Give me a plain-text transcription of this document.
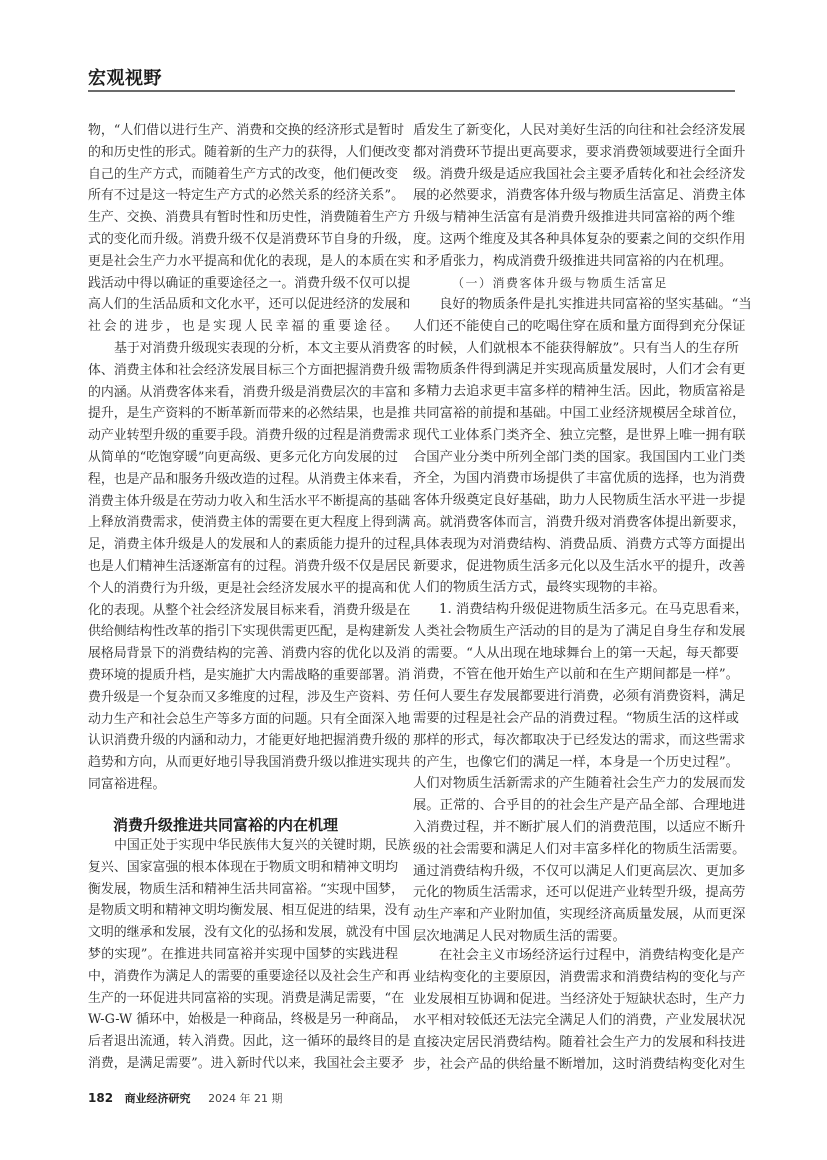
宏观视野
物，“人们借以进行生产、消费和交换的经济形式是暂时
的和历史性的形式。随着新的生产力的获得，人们便改变
自己的生产方式，而随着生产方式的改变，他们便改变
所有不过是这一特定生产方式的必然关系的经济关系”。
生产、交换、消费具有暂时性和历史性，消费随着生产方
式的变化而升级。消费升级不仅是消费环节自身的升级，
更是社会生产力水平提高和优化的表现，是人的本质在实
践活动中得以确证的重要途径之一。消费升级不仅可以提
高人们的生活品质和文化水平，还可以促进经济的发展和
社会的进步，也是实现人民幸福的重要途径。
基于对消费升级现实表现的分析，本文主要从消费客
体、消费主体和社会经济发展目标三个方面把握消费升级
的内涵。从消费客体来看，消费升级是消费层次的丰富和
提升，是生产资料的不断革新而带来的必然结果，也是推
动产业转型升级的重要手段。消费升级的过程是消费需求
从简单的“吃饱穿暖”向更高级、更多元化方向发展的过
程，也是产品和服务升级改造的过程。从消费主体来看，
消费主体升级是在劳动力收入和生活水平不断提高的基础
上释放消费需求，使消费主体的需要在更大程度上得到满
足，消费主体升级是人的发展和人的素质能力提升的过程，
也是人们精神生活逐渐富有的过程。消费升级不仅是居民
个人的消费行为升级，更是社会经济发展水平的提高和优
化的表现。从整个社会经济发展目标来看，消费升级是在
供给侧结构性改革的指引下实现供需更匹配，是构建新发
展格局背景下的消费结构的完善、消费内容的优化以及消
费环境的提质升档，是实施扩大内需战略的重要部署。消
费升级是一个复杂而又多维度的过程，涉及生产资料、劳
动力生产和社会总生产等多方面的问题。只有全面深入地
认识消费升级的内涵和动力，才能更好地把握消费升级的
趋势和方向，从而更好地引导我国消费升级以推进实现共
同富裕进程。
消费升级推进共同富裕的内在机理
中国正处于实现中华民族伟大复兴的关键时期，民族
复兴、国家富强的根本体现在于物质文明和精神文明均
衡发展，物质生活和精神生活共同富裕。“实现中国梦，
是物质文明和精神文明均衡发展、相互促进的结果，没有
文明的继承和发展，没有文化的弘扬和发展，就没有中国
梦的实现”。在推进共同富裕并实现中国梦的实践进程
中，消费作为满足人的需要的重要途径以及社会生产和再
生产的一环促进共同富裕的实现。消费是满足需要，“在
W-G-W 循环中，始极是一种商品，终极是另一种商品，
后者退出流通，转入消费。因此，这一循环的最终目的是
消费，是满足需要”。进入新时代以来，我国社会主要矛
盾发生了新变化，人民对美好生活的向往和社会经济发展
都对消费环节提出更高要求，要求消费领域要进行全面升
级。消费升级是适应我国社会主要矛盾转化和社会经济发
展的必然要求，消费客体升级与物质生活富足、消费主体
升级与精神生活富有是消费升级推进共同富裕的两个维
度。这两个维度及其各种具体复杂的要素之间的交织作用
和矛盾张力，构成消费升级推进共同富裕的内在机理。
（一）消费客体升级与物质生活富足
良好的物质条件是扎实推进共同富裕的坚实基础。“当
人们还不能使自己的吃喝住穿在质和量方面得到充分保证
的时候，人们就根本不能获得解放”。只有当人的生存所
需物质条件得到满足并实现高质量发展时，人们才会有更
多精力去追求更丰富多样的精神生活。因此，物质富裕是
共同富裕的前提和基础。中国工业经济规模居全球首位，
现代工业体系门类齐全、独立完整，是世界上唯一拥有联
合国产业分类中所列全部门类的国家。我国国内工业门类
齐全，为国内消费市场提供了丰富优质的选择，也为消费
客体升级奠定良好基础，助力人民物质生活水平进一步提
高。就消费客体而言，消费升级对消费客体提出新要求，
具体表现为对消费结构、消费品质、消费方式等方面提出
新要求，促进物质生活多元化以及生活水平的提升，改善
人们的物质生活方式，最终实现物的丰裕。
1. 消费结构升级促进物质生活多元。在马克思看来，
人类社会物质生产活动的目的是为了满足自身生存和发展
的需要。“人从出现在地球舞台上的第一天起，每天都要
消费，不管在他开始生产以前和在生产期间都是一样”。
任何人要生存发展都要进行消费，必须有消费资料，满足
需要的过程是社会产品的消费过程。“物质生活的这样或
那样的形式，每次都取决于已经发达的需求，而这些需求
的产生，也像它们的满足一样，本身是一个历史过程”。
人们对物质生活新需求的产生随着社会生产力的发展而发
展。正常的、合乎目的的社会生产是产品全部、合理地进
入消费过程，并不断扩展人们的消费范围，以适应不断升
级的社会需要和满足人们对丰富多样化的物质生活需要。
通过消费结构升级，不仅可以满足人们更高层次、更加多
元化的物质生活需求，还可以促进产业转型升级，提高劳
动生产率和产业附加值，实现经济高质量发展，从而更深
层次地满足人民对物质生活的需要。
在社会主义市场经济运行过程中，消费结构变化是产
业结构变化的主要原因，消费需求和消费结构的变化与产
业发展相互协调和促进。当经济处于短缺状态时，生产力
水平相对较低还无法完全满足人们的消费，产业发展状况
直接决定居民消费结构。随着社会生产力的发展和科技进
步，社会产品的供给量不断增加，这时消费结构变化对生
182 商业经济研究 2024 年 21 期
